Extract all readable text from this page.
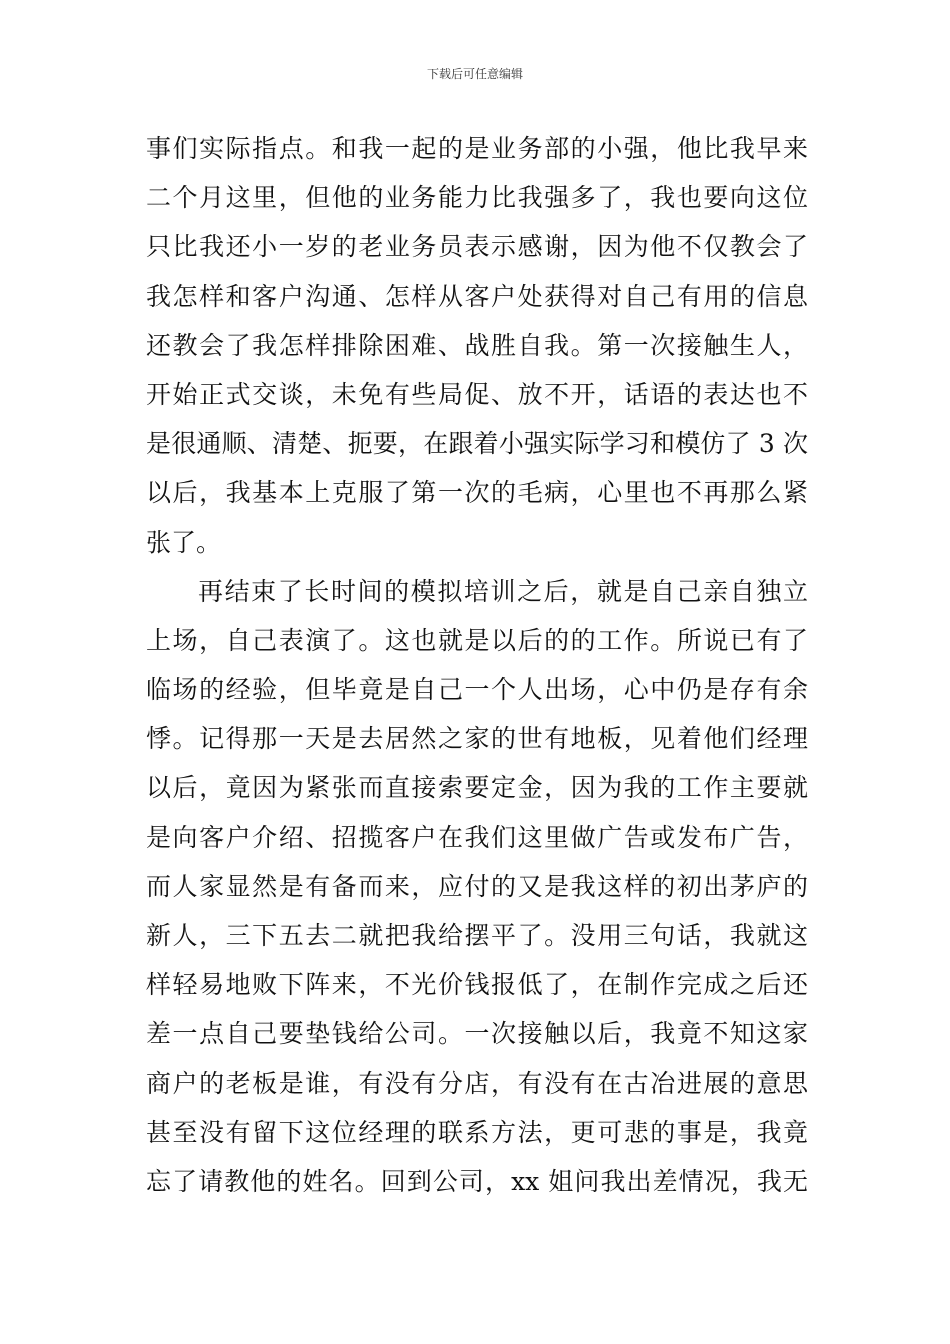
下载后可任意编辑
事们实际指点。和我一起的是业务部的小强，他比我早来
二个月这里，但他的业务能力比我强多了，我也要向这位
只比我还小一岁的老业务员表示感谢，因为他不仅教会了
我怎样和客户沟通、怎样从客户处获得对自己有用的信息
还教会了我怎样排除困难、战胜自我。第一次接触生人，
开始正式交谈，未免有些局促、放不开，话语的表达也不
是很通顺、清楚、扼要，在跟着小强实际学习和模仿了 3 次
以后，我基本上克服了第一次的毛病，心里也不再那么紧
张了。
再结束了长时间的模拟培训之后，就是自己亲自独立
上场，自己表演了。这也就是以后的的工作。所说已有了
临场的经验，但毕竟是自己一个人出场，心中仍是存有余
悸。记得那一天是去居然之家的世有地板，见着他们经理
以后，竟因为紧张而直接索要定金，因为我的工作主要就
是向客户介绍、招揽客户在我们这里做广告或发布广告，
而人家显然是有备而来，应付的又是我这样的初出茅庐的
新人，三下五去二就把我给摆平了。没用三句话，我就这
样轻易地败下阵来，不光价钱报低了，在制作完成之后还
差一点自己要垫钱给公司。一次接触以后，我竟不知这家
商户的老板是谁，有没有分店，有没有在古冶进展的意思
甚至没有留下这位经理的联系方法，更可悲的事是，我竟
忘了请教他的姓名。回到公司，xx 姐问我出差情况，我无
